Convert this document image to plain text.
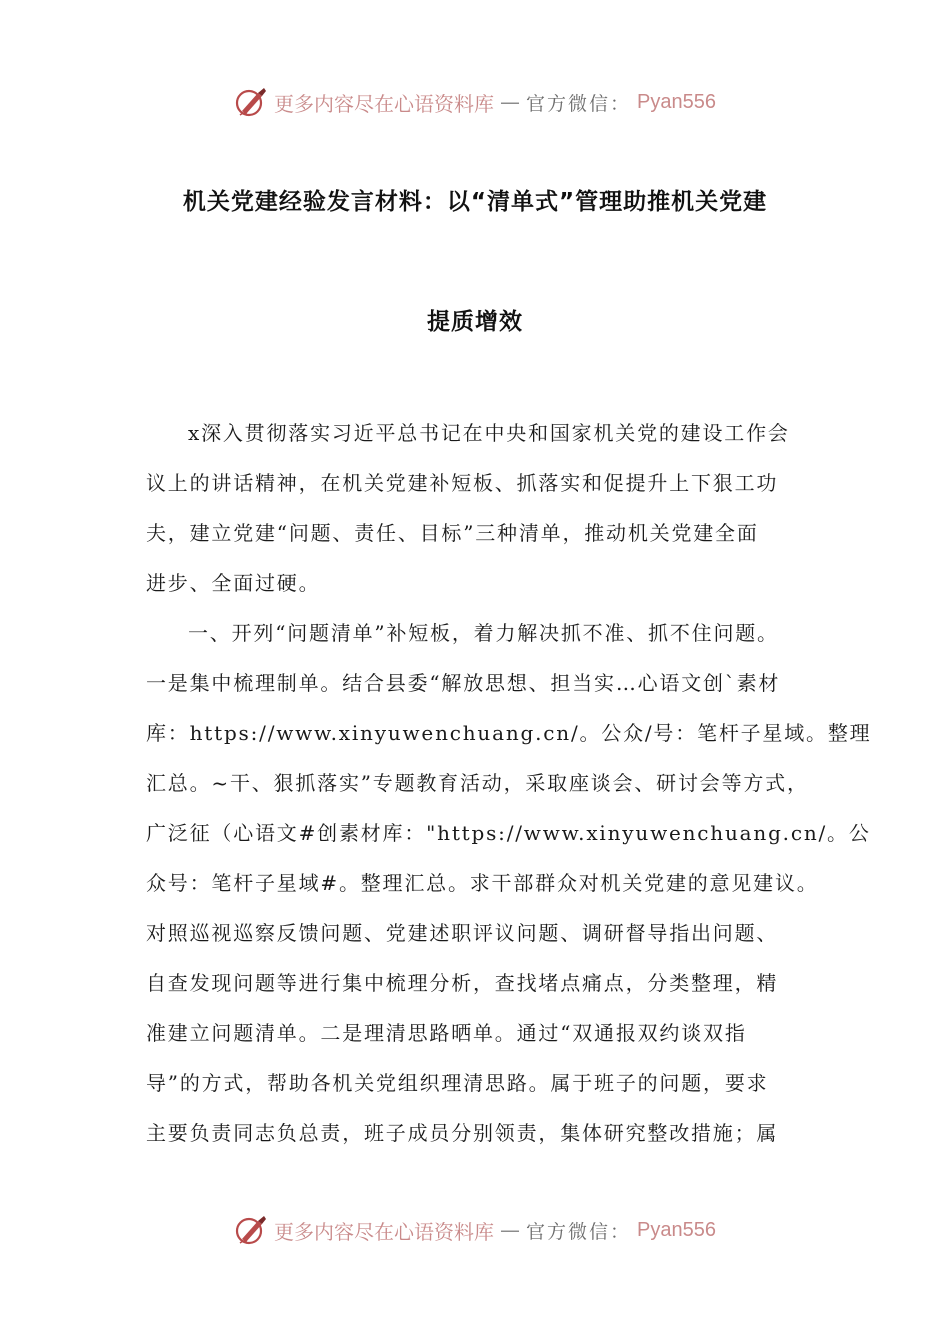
更多内容尽在心语资料库 — 官方微信： Pyan556
机关党建经验发言材料：以“清单式”管理助推机关党建
提质增效
x深入贯彻落实习近平总书记在中央和国家机关党的建设工作会
议上的讲话精神，在机关党建补短板、抓落实和促提升上下狠工功
夫，建立党建“问题、责任、目标”三种清单，推动机关党建全面
进步、全面过硬。
一、开列“问题清单”补短板，着力解决抓不准、抓不住问题。
一是集中梳理制单。结合县委“解放思想、担当实…心语文创`素材
库：https://www.xinyuwenchuang.cn/。公众/号：笔杆子星域。整理
汇总。~干、狠抓落实”专题教育活动，采取座谈会、研讨会等方式，
广泛征（心语文#创素材库："https://www.xinyuwenchuang.cn/。公
众号：笔杆子星域#。整理汇总。求干部群众对机关党建的意见建议。
对照巡视巡察反馈问题、党建述职评议问题、调研督导指出问题、
自查发现问题等进行集中梳理分析，查找堵点痛点，分类整理，精
准建立问题清单。二是理清思路晒单。通过“双通报双约谈双指
导”的方式，帮助各机关党组织理清思路。属于班子的问题，要求
主要负责同志负总责，班子成员分别领责，集体研究整改措施；属
更多内容尽在心语资料库 — 官方微信： Pyan556
